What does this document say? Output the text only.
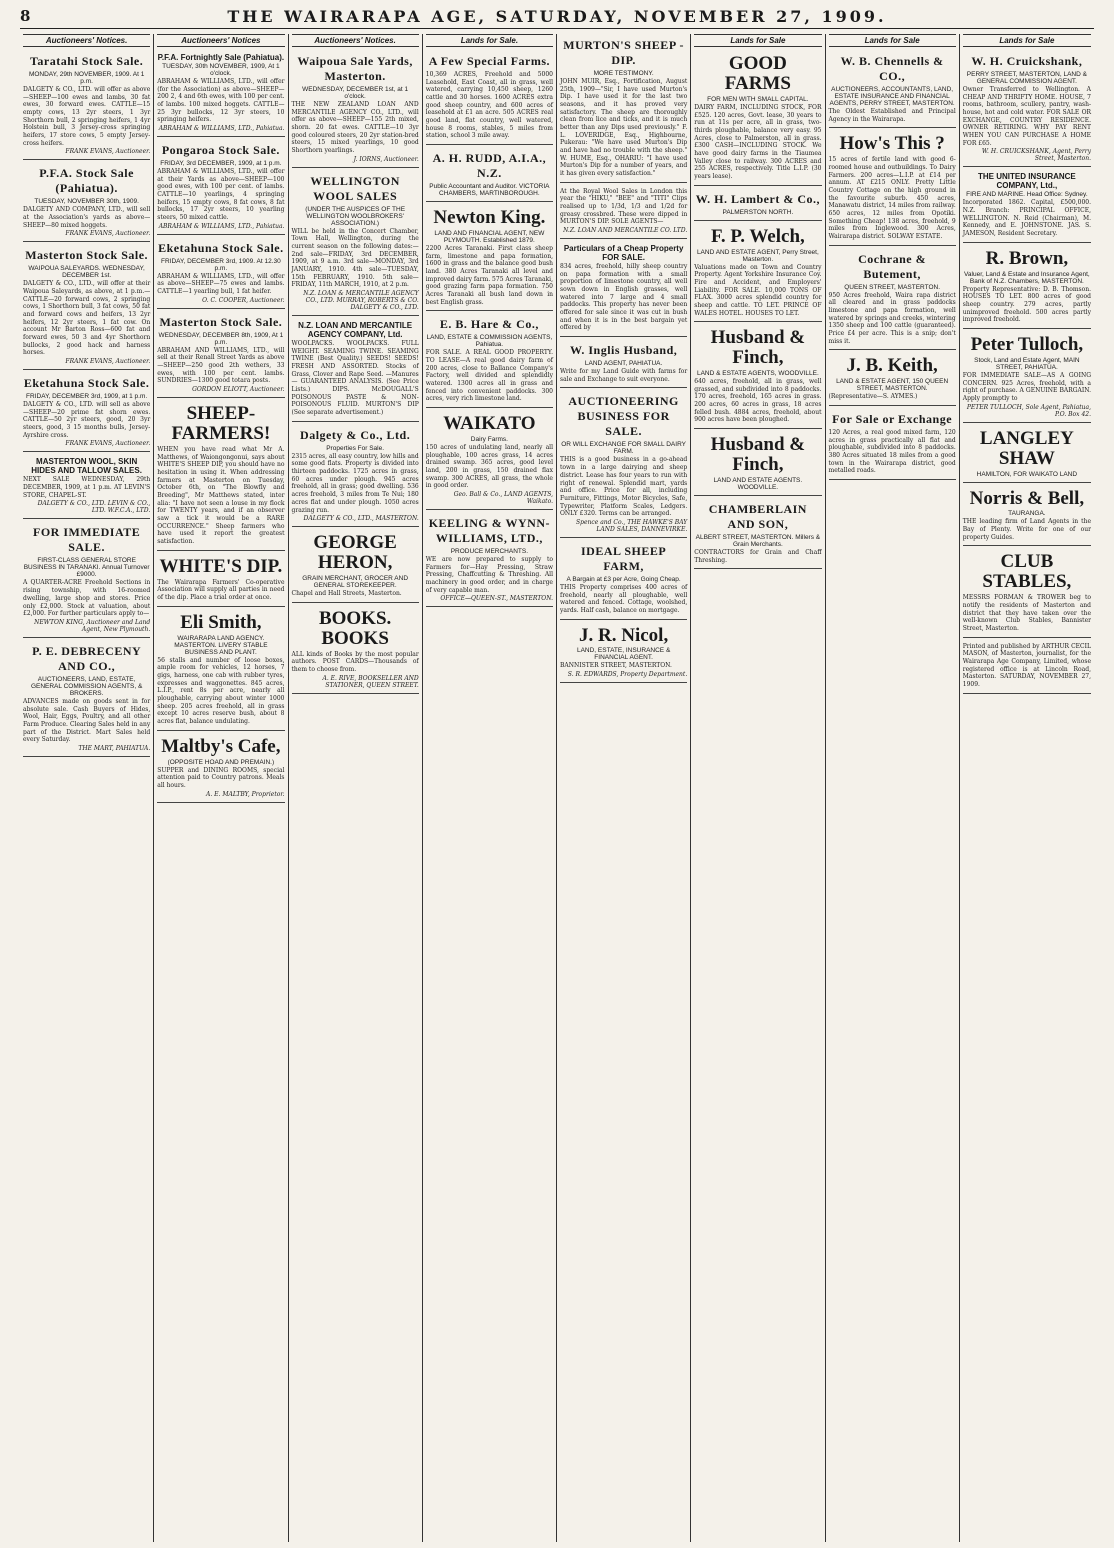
8	THE WAIRARAPA AGE, SATURDAY, NOVEMBER 27, 1909.
Auctioneers' Notices.
Taratahi Stock Sale.
MONDAY, 29th NOVEMBER, 1909. At 1 p.m.

DALGETY & CO., LTD. will offer as above—SHEEP—100 ewes and lambs, 30 fat ewes, 30 forward ewes. CATTLE—15 empty cows, 13 2yr steers, 1 3yr Shorthorn bull, 2 springing heifers, 1 4yr Holstein bull, 3 Jersey-cross springing heifers, 17 store cows, 5 empty Jersey-cross heifers.

FRANK EVANS, Auctioneer.
P.F.A. Stock Sale (Pahiatua).
TUESDAY, NOVEMBER 30th, 1909.

DALGETY AND COMPANY, LTD., will sell at the Association's yards as above—SHEEP—80 mixed hoggets.

FRANK EVANS, Auctioneer.
Masterton Stock Sale.
WAIPOUA SALEYARDS. WEDNESDAY, DECEMBER 1st.

DALGETY & CO., LTD., will offer at their Waipoua Saleyards, as above, at 1 p.m.—CATTLE—20 forward cows, 2 springing cows, 1 Shorthorn bull, 3 fat cows, 50 fat and forward cows and heifers, 13 2yr heifers, 12 2yr steers, 1 fat cow. On account Mr Barton Ross—600 fat and forward ewes, 50 3 and 4yr Shorthorn bullocks, 2 good hack and harness horses.

FRANK EVANS, Auctioneer.
Eketahuna Stock Sale.
FRIDAY, DECEMBER 3rd, 1909, at 1 p.m.

DALGETY & CO., LTD. will sell as above—SHEEP—20 prime fat shorn ewes. CATTLE—50 2yr steers, good, 20 3yr steers, good, 3 15 months bulls, Jersey-Ayrshire cross.

FRANK EVANS, Auctioneer.
MASTERTON WOOL, SKIN HIDES AND TALLOW SALES.

NEXT SALE WEDNESDAY, 29th DECEMBER, 1909, at 1 p.m. AT LEVIN'S STORE, CHAPEL-ST.

DALGETY & CO., LTD. LEVIN & CO., LTD. W.F.C.A., LTD.
FOR IMMEDIATE SALE.
FIRST-CLASS GENERAL STORE BUSINESS IN TARANAKI. Annual Turnover £9000.

A QUARTER-ACRE Freehold Sections in rising township, with 16-roomed dwelling, large shop and stores. Price only £2,000. Stock at valuation, about £2,000. For further particulars apply to—

NEWTON KING, Auctioneer and Land Agent, New Plymouth.
P. E. DEBRECENY AND CO.,
AUCTIONEERS, LAND, ESTATE, GENERAL COMMISSION AGENTS, & BROKERS.

ADVANCES made on goods sent in for absolute sale. Cash Buyers of Hides, Wool, Hair, Eggs, Poultry, and all other Farm Produce. Clearing Sales held in any part of the District. Mart Sales held every Saturday.

THE MART, PAHIATUA.
Auctioneers' Notices
P.F.A. Fortnightly Sale (Pahiatua).
TUESDAY, 30th NOVEMBER, 1909, At 1 o'clock.

ABRAHAM & WILLIAMS, LTD., will offer (for the Association) as above—SHEEP—200 2, 4 and 6th ewes, with 100 per cent. of lambs. 100 mixed hoggets. CATTLE—25 3yr bullocks, 12 3yr steers, 10 springing heifers.

ABRAHAM & WILLIAMS, LTD., Pahiatua.
Pongaroa Stock Sale.
FRIDAY, 3rd DECEMBER, 1909, at 1 p.m.

ABRAHAM & WILLIAMS, LTD., will offer at their Yards as above—SHEEP—100 good ewes, with 100 per cent. of lambs. CATTLE—10 yearlings, 4 springing heifers, 15 empty cows, 8 fat cows, 8 fat bullocks, 17 2yr steers, 10 yearling steers, 50 mixed cattle.

ABRAHAM & WILLIAMS, LTD., Pahiatua.
Eketahuna Stock Sale.
FRIDAY, DECEMBER 3rd, 1909. At 12.30 p.m.

ABRAHAM & WILLIAMS, LTD., will offer as above—SHEEP—75 ewes and lambs. CATTLE—1 yearling bull, 1 fat heifer.

O. C. COOPER, Auctioneer.
Masterton Stock Sale.
WEDNESDAY, DECEMBER 8th, 1909, At 1 p.m.

ABRAHAM AND WILLIAMS, LTD., will sell at their Renall Street Yards as above—SHEEP—250 good 2th wethers, 33 ewes, with 100 per cent. lambs. SUNDRIES—1300 good totara posts.

GORDON ELIOTT, Auctioneer.
SHEEP-FARMERS!

WHEN you have read what Mr A. Matthews, of Waiongongonui, says about WHITE'S SHEEP DIP, you should have no hesitation in using it. When addressing farmers at Masterton on Tuesday, October 6th, on "The Blowfly and Breeding", Mr Matthews stated, inter alia: "I have not seen a louse in my flock for TWENTY years, and if an observer saw a tick it would be a RARE OCCURRENCE." Sheep farmers who have used it report the greatest satisfaction.

WHITE'S DIP.

The Wairarapa Farmers' Co-operative Association will supply all parties in need of the dip. Place a trial order at once.

Eli Smith,
WAIRARAPA LAND AGENCY. MASTERTON. LIVERY STABLE BUSINESS AND PLANT.

56 stalls and number of loose boxes, ample room for vehicles, 12 horses, 7 gigs, harness, one cab with rubber tyres, expresses and waggonettes. 845 acres, L.I.P., rent 8s per acre, nearly all ploughable, carrying about winter 1000 sheep. 205 acres freehold, all in grass except 10 acres reserve bush, about 8 acres flat, balance undulating.

Maltby's Cafe,
(OPPOSITE HOAD AND PREMAIN.)

SUPPER and DINING ROOMS, special attention paid to Country patrons. Meals all hours.

A. E. MALTBY, Proprietor.
Auctioneers' Notices.
Waipoua Sale Yards, Masterton.
WEDNESDAY, DECEMBER 1st, at 1 o'clock.

THE NEW ZEALAND LOAN AND MERCANTILE AGENCY CO., LTD., will offer as above—SHEEP—155 2th mixed, shorn. 20 fat ewes. CATTLE—10 3yr good coloured steers, 20 2yr station-bred steers, 15 mixed yearlings, 10 good Shorthorn yearlings.

J. IORNS, Auctioneer.
WELLINGTON WOOL SALES
(UNDER THE AUSPICES OF THE WELLINGTON WOOLBROKERS' ASSOCIATION.)

WILL be held in the Concert Chamber, Town Hall, Wellington, during the current season on the following dates:—2nd sale—FRIDAY, 3rd DECEMBER, 1909, at 9 a.m. 3rd sale—MONDAY, 3rd JANUARY, 1910. 4th sale—TUESDAY, 15th FEBRUARY, 1910. 5th sale—FRIDAY, 11th MARCH, 1910, at 2 p.m.

N.Z. LOAN & MERCANTILE AGENCY CO., LTD. MURRAY, ROBERTS & CO. DALGETY & CO., LTD.
N.Z. LOAN AND MERCANTILE AGENCY COMPANY, Ltd.

WOOLPACKS. WOOLPACKS. FULL WEIGHT. SEAMING TWINE. SEAMING TWINE (Best Quality.) SEEDS! SEEDS! FRESH AND ASSORTED. Stocks of Grass, Clover and Rape Seed. —Manures— GUARANTEED ANALYSIS. (See Price Lists.) DIPS. McDOUGALL'S POISONOUS PASTE & NON-POISONOUS FLUID. MURTON'S DIP (See separate advertisement.)

Dalgety & Co., Ltd.
Properties For Sale.

2315 acres, all easy country, low hills and some good flats. Property is divided into thirteen paddocks. 1725 acres in grass, 60 acres under plough. 945 acres freehold, all in grass; good dwelling. 536 acres freehold, 3 miles from Te Nui; 180 acres flat and under plough. 1050 acres grazing run.

DALGETY & CO., LTD., MASTERTON.
GEORGE HERON,
GRAIN MERCHANT, GROCER AND GENERAL STOREKEEPER.

Chapel and Hall Streets, Masterton.

BOOKS. BOOKS

ALL kinds of Books by the most popular authors. POST CARDS—Thousands of them to choose from.

A. E. RIVE, BOOKSELLER AND STATIONER, QUEEN STREET.
Lands for Sale.
A Few Special Farms.

10,369 ACRES, Freehold and 5000 Leasehold, East Coast, all in grass, well watered, carrying 10,450 sheep, 1260 cattle and 30 horses. 1600 ACRES extra good sheep country, and 600 acres of leasehold at £1 an acre. 505 ACRES real good land, flat country, well watered, house 8 rooms, stables, 5 miles from station, school 3 mile away.

A. H. RUDD, A.I.A., N.Z.
Public Accountant and Auditor. VICTORIA CHAMBERS, MARTINBOROUGH.
Newton King.
LAND AND FINANCIAL AGENT, NEW PLYMOUTH. Established 1879.

2200 Acres Taranaki. First class sheep farm, limestone and papa formation, 1600 in grass and the balance good bush land. 380 Acres Taranaki all level and improved dairy farm. 575 Acres Taranaki, good grazing farm papa formation. 750 Acres Taranaki all bush land down in best English grass.

E. B. Hare & Co.,
LAND, ESTATE & COMMISSION AGENTS, Pahiatua.

FOR SALE. A REAL GOOD PROPERTY. TO LEASE—A real good dairy farm of 200 acres, close to Ballance Company's Factory, well divided and splendidly watered. 1300 acres all in grass and fenced into convenient paddocks. 300 acres, very rich limestone land.

WAIKATO
Dairy Farms.

150 acres of undulating land, nearly all ploughable, 100 acres grass, 14 acres drained swamp. 365 acres, good level land, 200 in grass, 150 drained flax swamp. 300 ACRES, all grass, the whole in good order.

Geo. Ball & Co., LAND AGENTS, Waikato.
KEELING & WYNN-WILLIAMS, LTD.,
PRODUCE MERCHANTS.

WE are now prepared to supply to Farmers for—Hay Pressing, Straw Pressing, Chaffcutting & Threshing. All machinery in good order, and in charge of very capable man.

OFFICE—QUEEN-ST., MASTERTON.
MURTON'S SHEEP - DIP.
MORE TESTIMONY.

JOHN MUIR, Esq., Fortification, August 25th, 1909—"Sir, I have used Murton's Dip. I have used it for the last two seasons, and it has proved very satisfactory. The sheep are thoroughly clean from lice and ticks, and it is much better than any Dips used previously." F. L. LOVERIDGE, Esq., Highbourne, Pukerau: "We have used Murton's Dip and have had no trouble with the sheep." W. HUME, Esq., OHARIU: "I have used Murton's Dip for a number of years, and it has given every satisfaction."

At the Royal Wool Sales in London this year the "HIKU," "BEE" and "TITI" Clips realised up to 1/3d, 1/3 and 1/2d for greasy crossbred. These were dipped in MURTON'S DIP. SOLE AGENTS—

N.Z. LOAN AND MERCANTILE CO. LTD.
Particulars of a Cheap Property FOR SALE.

834 acres, freehold, hilly sheep country on papa formation with a small proportion of limestone country, all well sown down in English grasses, well watered into 7 large and 4 small paddocks. This property has never been offered for sale since it was cut in bush and when it is in the best bargain yet offered by

W. Inglis Husband,
LAND AGENT, PAHIATUA.

Write for my Land Guide with farms for sale and Exchange to suit everyone.

AUCTIONEERING BUSINESS FOR SALE.
OR WILL EXCHANGE FOR SMALL DAIRY FARM.

THIS is a good business in a go-ahead town in a large dairying and sheep district. Lease has four years to run with right of renewal. Splendid mart, yards and office. Price for all, including Furniture, Fittings, Motor Bicycles, Safe, Typewriter, Platform Scales, Ledgers. ONLY £320. Terms can be arranged.

Spence and Co., THE HAWKE'S BAY LAND SALES, DANNEVIRKE.
IDEAL SHEEP FARM,
A Bargain at £3 per Acre, Going Cheap.

THIS Property comprises 400 acres of freehold, nearly all ploughable, well watered and fenced. Cottage, woolshed, yards. Half cash, balance on mortgage.

J. R. Nicol,
LAND, ESTATE, INSURANCE & FINANCIAL AGENT.

BANNISTER STREET, MASTERTON.

S. R. EDWARDS, Property Department.
Lands for Sale
GOOD FARMS
FOR MEN WITH SMALL CAPITAL.

DAIRY FARM, INCLUDING STOCK, FOR £525. 120 acres, Govt. lease, 30 years to run at 11s per acre, all in grass, two-thirds ploughable, balance very easy. 95 Acres, close to Palmerston, all in grass. £300 CASH—INCLUDING STOCK. We have good dairy farms in the Tiaumea Valley close to railway. 300 ACRES and 255 ACRES, respectively. Title L.I.P. (30 years lease).

W. H. Lambert & Co.,
PALMERSTON NORTH.
F. P. Welch,
LAND AND ESTATE AGENT, Perry Street, Masterton.

Valuations made on Town and Country Property. Agent Yorkshire Insurance Coy. Fire and Accident, and Employers' Liability. FOR SALE. 10,000 TONS OF FLAX. 3000 acres splendid country for sheep and cattle. TO LET. PRINCE OF WALES HOTEL. HOUSES TO LET.

Husband & Finch,
LAND & ESTATE AGENTS, WOODVILLE.

640 acres, freehold, all in grass, well grassed, and subdivided into 8 paddocks. 170 acres, freehold, 165 acres in grass. 200 acres, 60 acres in grass, 18 acres felled bush. 4884 acres, freehold, about 900 acres have been ploughed.

Husband & Finch,
LAND AND ESTATE AGENTS. WOODVILLE.
CHAMBERLAIN AND SON,
ALBERT STREET, MASTERTON. Millers & Grain Merchants.

CONTRACTORS for Grain and Chaff Threshing.

Lands for Sale
W. B. Chennells & CO.,
AUCTIONEERS, ACCOUNTANTS, LAND, ESTATE INSURANCE AND FINANCIAL AGENTS, PERRY STREET, MASTERTON.

The Oldest Established and Principal Agency in the Wairarapa.

How's This ?

15 acres of fertile land with good 6-roomed house and outbuildings. To Dairy Farmers. 200 acres—L.I.P. at £14 per annum. AT £215 ONLY. Pretty Little Country Cottage on the high ground in the favourite suburb. 450 acres, Manawatu district, 14 miles from railway. 650 acres, 12 miles from Opotiki. Something Cheap! 138 acres, freehold, 9 miles from Inglewood. 300 Acres, Wairarapa district. SOLWAY ESTATE.

Cochrane & Butement,
QUEEN STREET, MASTERTON.

950 Acres freehold, Waira rapa district all cleared and in grass paddocks limestone and papa formation, well watered by springs and creeks, wintering 1350 sheep and 100 cattle (guaranteed). Price £4 per acre. This is a snip; don't miss it.

J. B. Keith,
LAND & ESTATE AGENT, 150 QUEEN STREET, MASTERTON.

(Representative—S. AYMES.)

For Sale or Exchange

120 Acres, a real good mixed farm, 120 acres in grass practically all flat and ploughable, subdivided into 8 paddocks. 380 Acres situated 18 miles from a good town in the Wairarapa district, good metalled roads.

Lands for Sale
W. H. Cruickshank,
PERRY STREET, MASTERTON, LAND & GENERAL COMMISSION AGENT.

Owner Transferred to Wellington. A CHEAP AND THRIFTY HOME. HOUSE, 7 rooms, bathroom, scullery, pantry, wash-house, hot and cold water. FOR SALE OR EXCHANGE, COUNTRY RESIDENCE. OWNER RETIRING. WHY PAY RENT WHEN YOU CAN PURCHASE A HOME FOR £65.

W. H. CRUICKSHANK, Agent, Perry Street, Masterton.
THE UNITED INSURANCE COMPANY, Ltd.,
FIRE AND MARINE. Head Office: Sydney.

Incorporated 1862. Capital, £500,000. N.Z. Branch: PRINCIPAL OFFICE, WELLINGTON. N. Reid (Chairman), M. Kennedy, and E. JOHNSTONE. JAS. S. JAMESON, Resident Secretary.

R. Brown,
Valuer, Land & Estate and Insurance Agent, Bank of N.Z. Chambers, MASTERTON.

Property Representative: D. B. Thomson. HOUSES TO LET. 800 acres of good sheep country. 279 acres, partly unimproved freehold. 500 acres partly improved freehold.

Peter Tulloch,
Stock, Land and Estate Agent, MAIN STREET, PAHIATUA.

FOR IMMEDIATE SALE—AS A GOING CONCERN. 925 Acres, freehold, with a right of purchase. A GENUINE BARGAIN. Apply promptly to

PETER TULLOCH, Sole Agent, Pahiatua, P.O. Box 42.
LANGLEY SHAW
HAMILTON, FOR WAIKATO LAND
Norris & Bell,
TAURANGA.

THE leading firm of Land Agents in the Bay of Plenty. Write for one of our property Guides.

CLUB STABLES,

MESSRS FORMAN & TROWER beg to notify the residents of Masterton and district that they have taken over the well-known Club Stables, Bannister Street, Masterton.

Printed and published by ARTHUR CECIL MASON, of Masterton, journalist, for the Wairarapa Age Company, Limited, whose registered office is at Lincoln Road, Masterton. SATURDAY, NOVEMBER 27, 1909.
